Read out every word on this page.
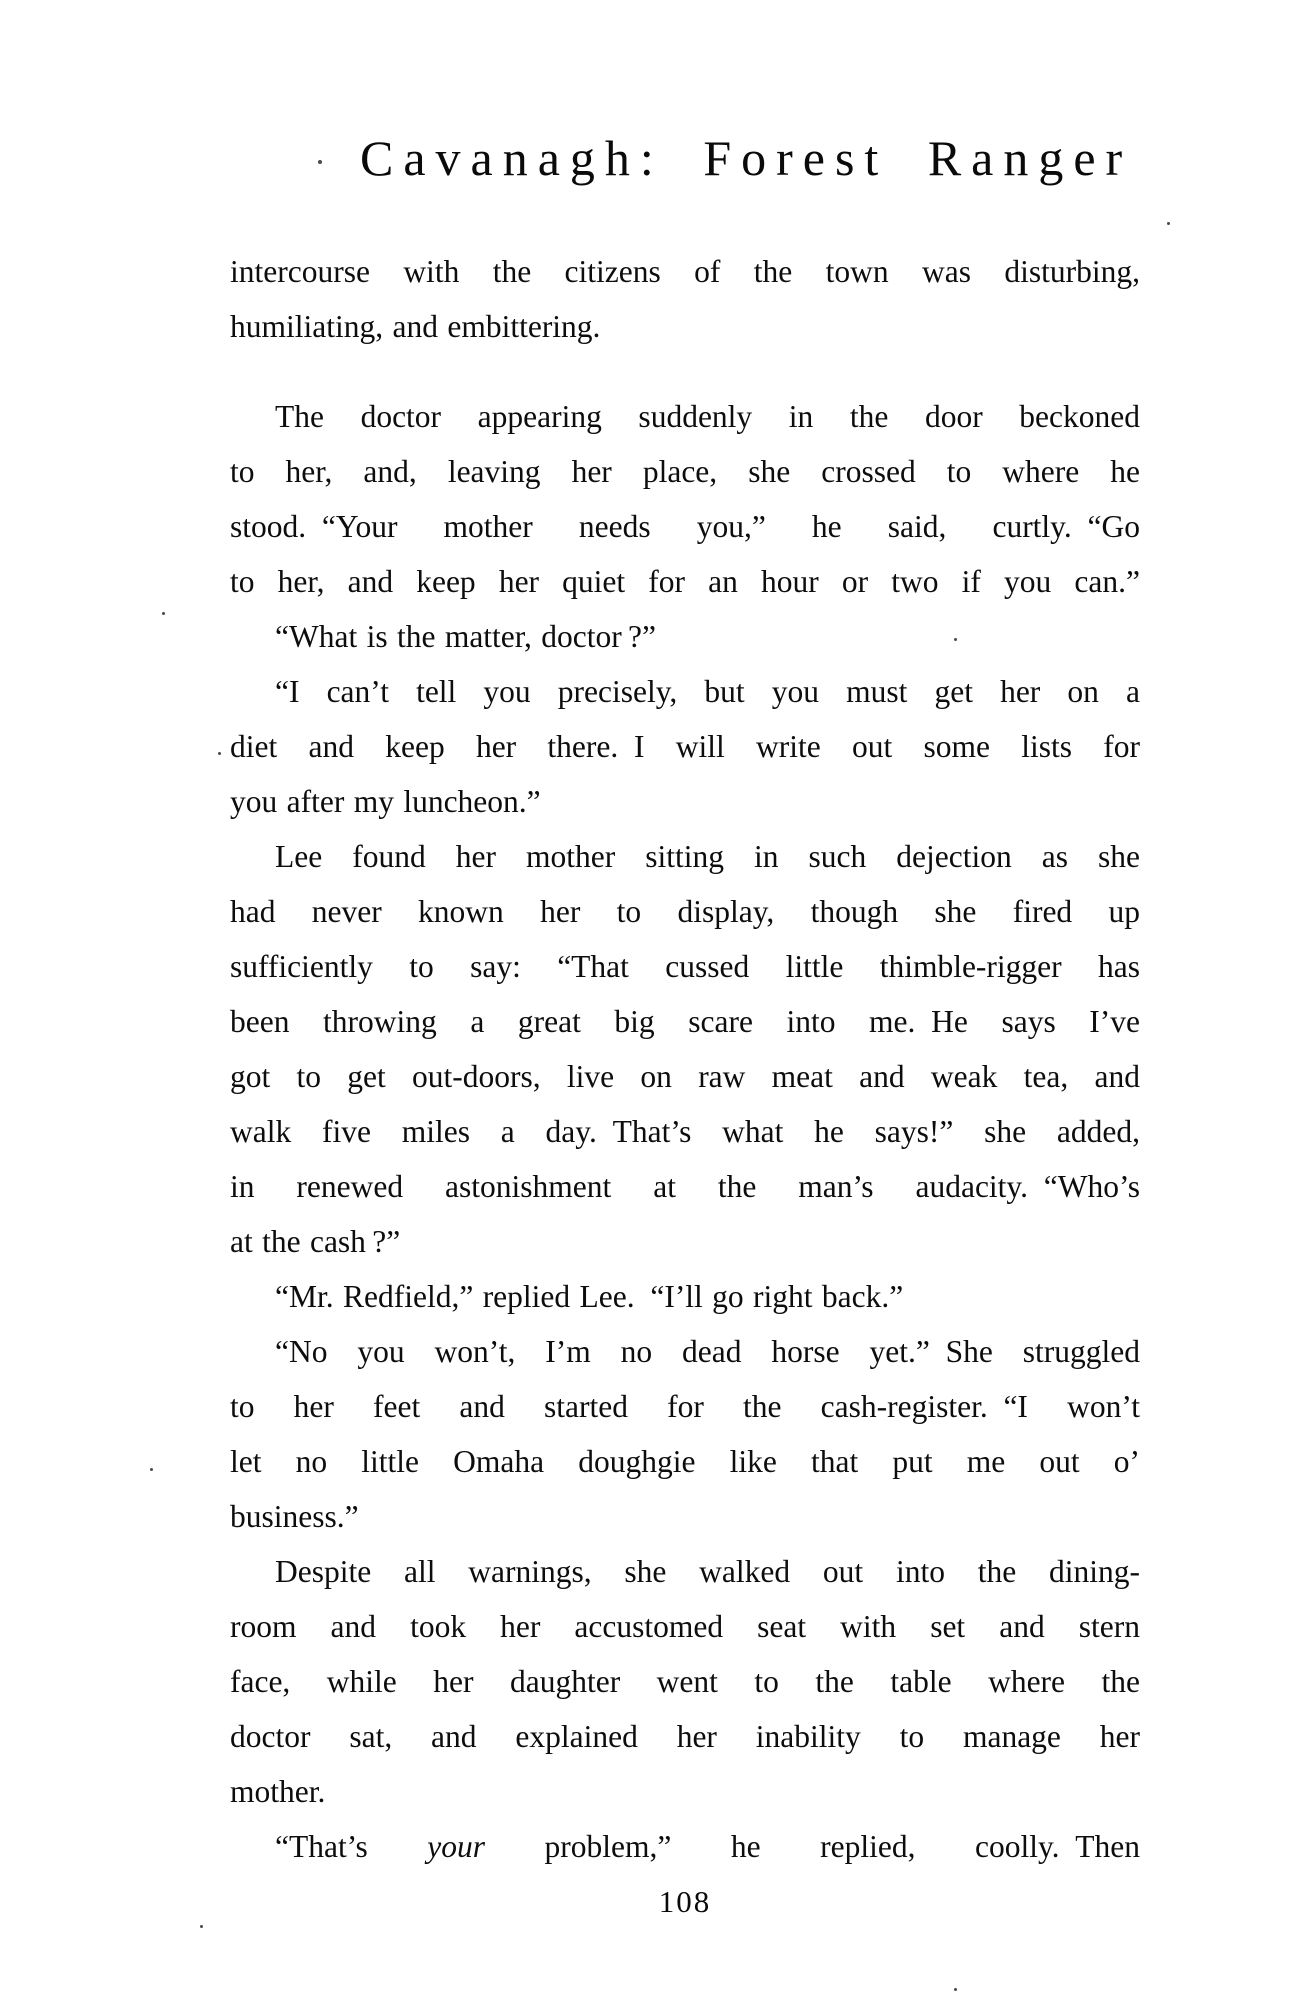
Cavanagh: Forest Ranger
intercourse with the citizens of the town was disturbing,
humiliating, and embittering.
The doctor appearing suddenly in the door beckoned
to her, and, leaving her place, she crossed to where he
stood. “Your mother needs you,” he said, curtly. “Go
to her, and keep her quiet for an hour or two if you can.”
“What is the matter, doctor ?”
“I can’t tell you precisely, but you must get her on a
diet and keep her there. I will write out some lists for
you after my luncheon.”
Lee found her mother sitting in such dejection as she
had never known her to display, though she fired up
sufficiently to say: “That cussed little thimble-rigger has
been throwing a great big scare into me. He says I’ve
got to get out-doors, live on raw meat and weak tea, and
walk five miles a day. That’s what he says!” she added,
in renewed astonishment at the man’s audacity. “Who’s
at the cash ?”
“Mr. Redfield,” replied Lee. “I’ll go right back.”
“No you won’t, I’m no dead horse yet.” She struggled
to her feet and started for the cash-register. “I won’t
let no little Omaha doughgie like that put me out o’
business.”
Despite all warnings, she walked out into the dining-
room and took her accustomed seat with set and stern
face, while her daughter went to the table where the
doctor sat, and explained her inability to manage her
mother.
“That’s your problem,” he replied, coolly. Then
108
